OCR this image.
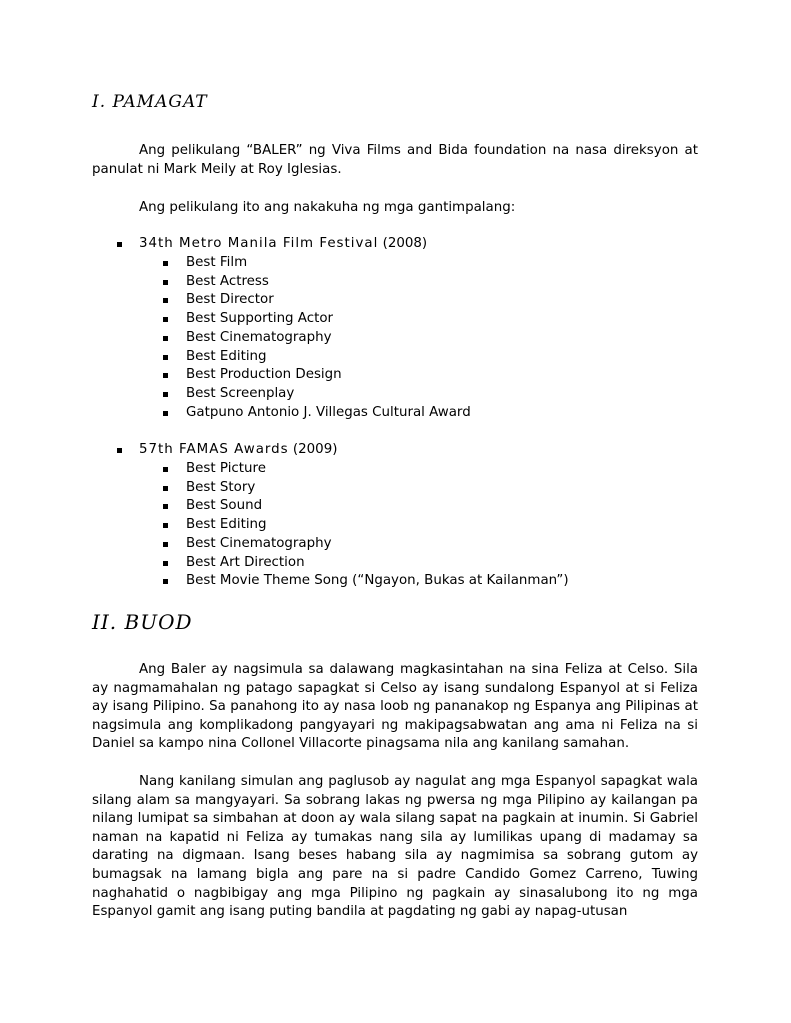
I. PAMAGAT

Ang pelikulang “BALER” ng Viva Films and Bida foundation na nasa direksyon at panulat ni Mark Meily at Roy Iglesias.

Ang pelikulang ito ang nakakuha ng mga gantimpalang:

34th Metro Manila Film Festival (2008)
Best Film
Best Actress
Best Director
Best Supporting Actor
Best Cinematography
Best Editing
Best Production Design
Best Screenplay
Gatpuno Antonio J. Villegas Cultural Award
57th FAMAS Awards (2009)
Best Picture
Best Story
Best Sound
Best Editing
Best Cinematography
Best Art Direction
Best Movie Theme Song (“Ngayon, Bukas at Kailanman”)
II. BUOD

Ang Baler ay nagsimula sa dalawang magkasintahan na sina Feliza at Celso. Sila ay nagmamahalan ng patago sapagkat si Celso ay isang sundalong Espanyol at si Feliza ay isang Pilipino. Sa panahong ito ay nasa loob ng pananakop ng Espanya ang Pilipinas at nagsimula ang komplikadong pangyayari ng makipagsabwatan ang ama ni Feliza na si Daniel sa kampo nina Collonel Villacorte pinagsama nila ang kanilang samahan.

Nang kanilang simulan ang paglusob ay nagulat ang mga Espanyol sapagkat wala silang alam sa mangyayari. Sa sobrang lakas ng pwersa ng mga Pilipino ay kailangan pa nilang lumipat sa simbahan at doon ay wala silang sapat na pagkain at inumin. Si Gabriel naman na kapatid ni Feliza ay tumakas nang sila ay lumilikas upang di madamay sa darating na digmaan. Isang beses habang sila ay nagmimisa sa sobrang gutom ay bumagsak na lamang bigla ang pare na si padre Candido Gomez Carreno, Tuwing naghahatid o nagbibigay ang mga Pilipino ng pagkain ay sinasalubong ito ng mga Espanyol gamit ang isang puting bandila at pagdating ng gabi ay napag-utusan
